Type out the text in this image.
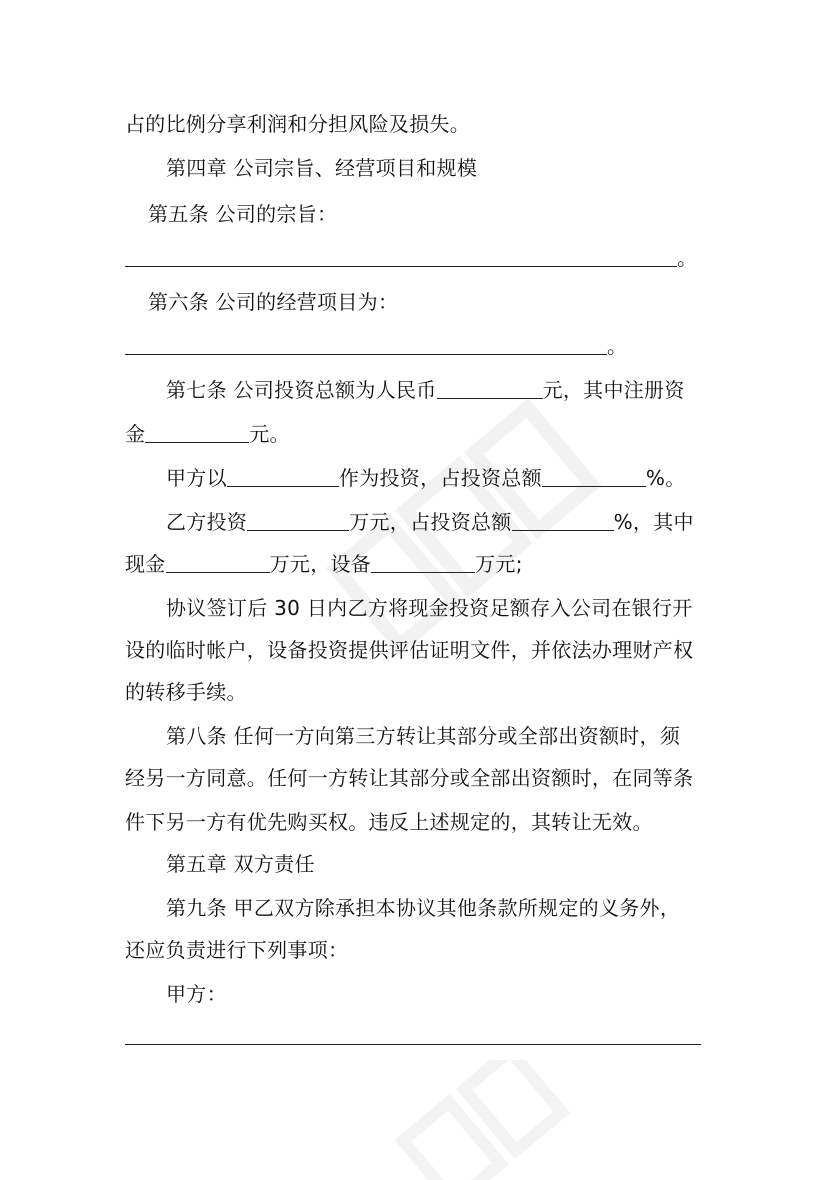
占的比例分享利润和分担风险及损失。
第四章 公司宗旨、经营项目和规模
第五条 公司的宗旨：
。
第六条 公司的经营项目为：
。
第七条 公司投资总额为人民币	元，其中注册资
金	元。
甲方以	作为投资，占投资总额	%。
乙方投资	万元，占投资总额	%，其中
现金	万元，设备	万元;
协议签订后 30 日内乙方将现金投资足额存入公司在银行开
设的临时帐户，设备投资提供评估证明文件，并依法办理财产权
的转移手续。
第八条 任何一方向第三方转让其部分或全部出资额时，须
经另一方同意。任何一方转让其部分或全部出资额时，在同等条
件下另一方有优先购买权。违反上述规定的，其转让无效。
第五章 双方责任
第九条 甲乙双方除承担本协议其他条款所规定的义务外，
还应负责进行下列事项：
甲方：
